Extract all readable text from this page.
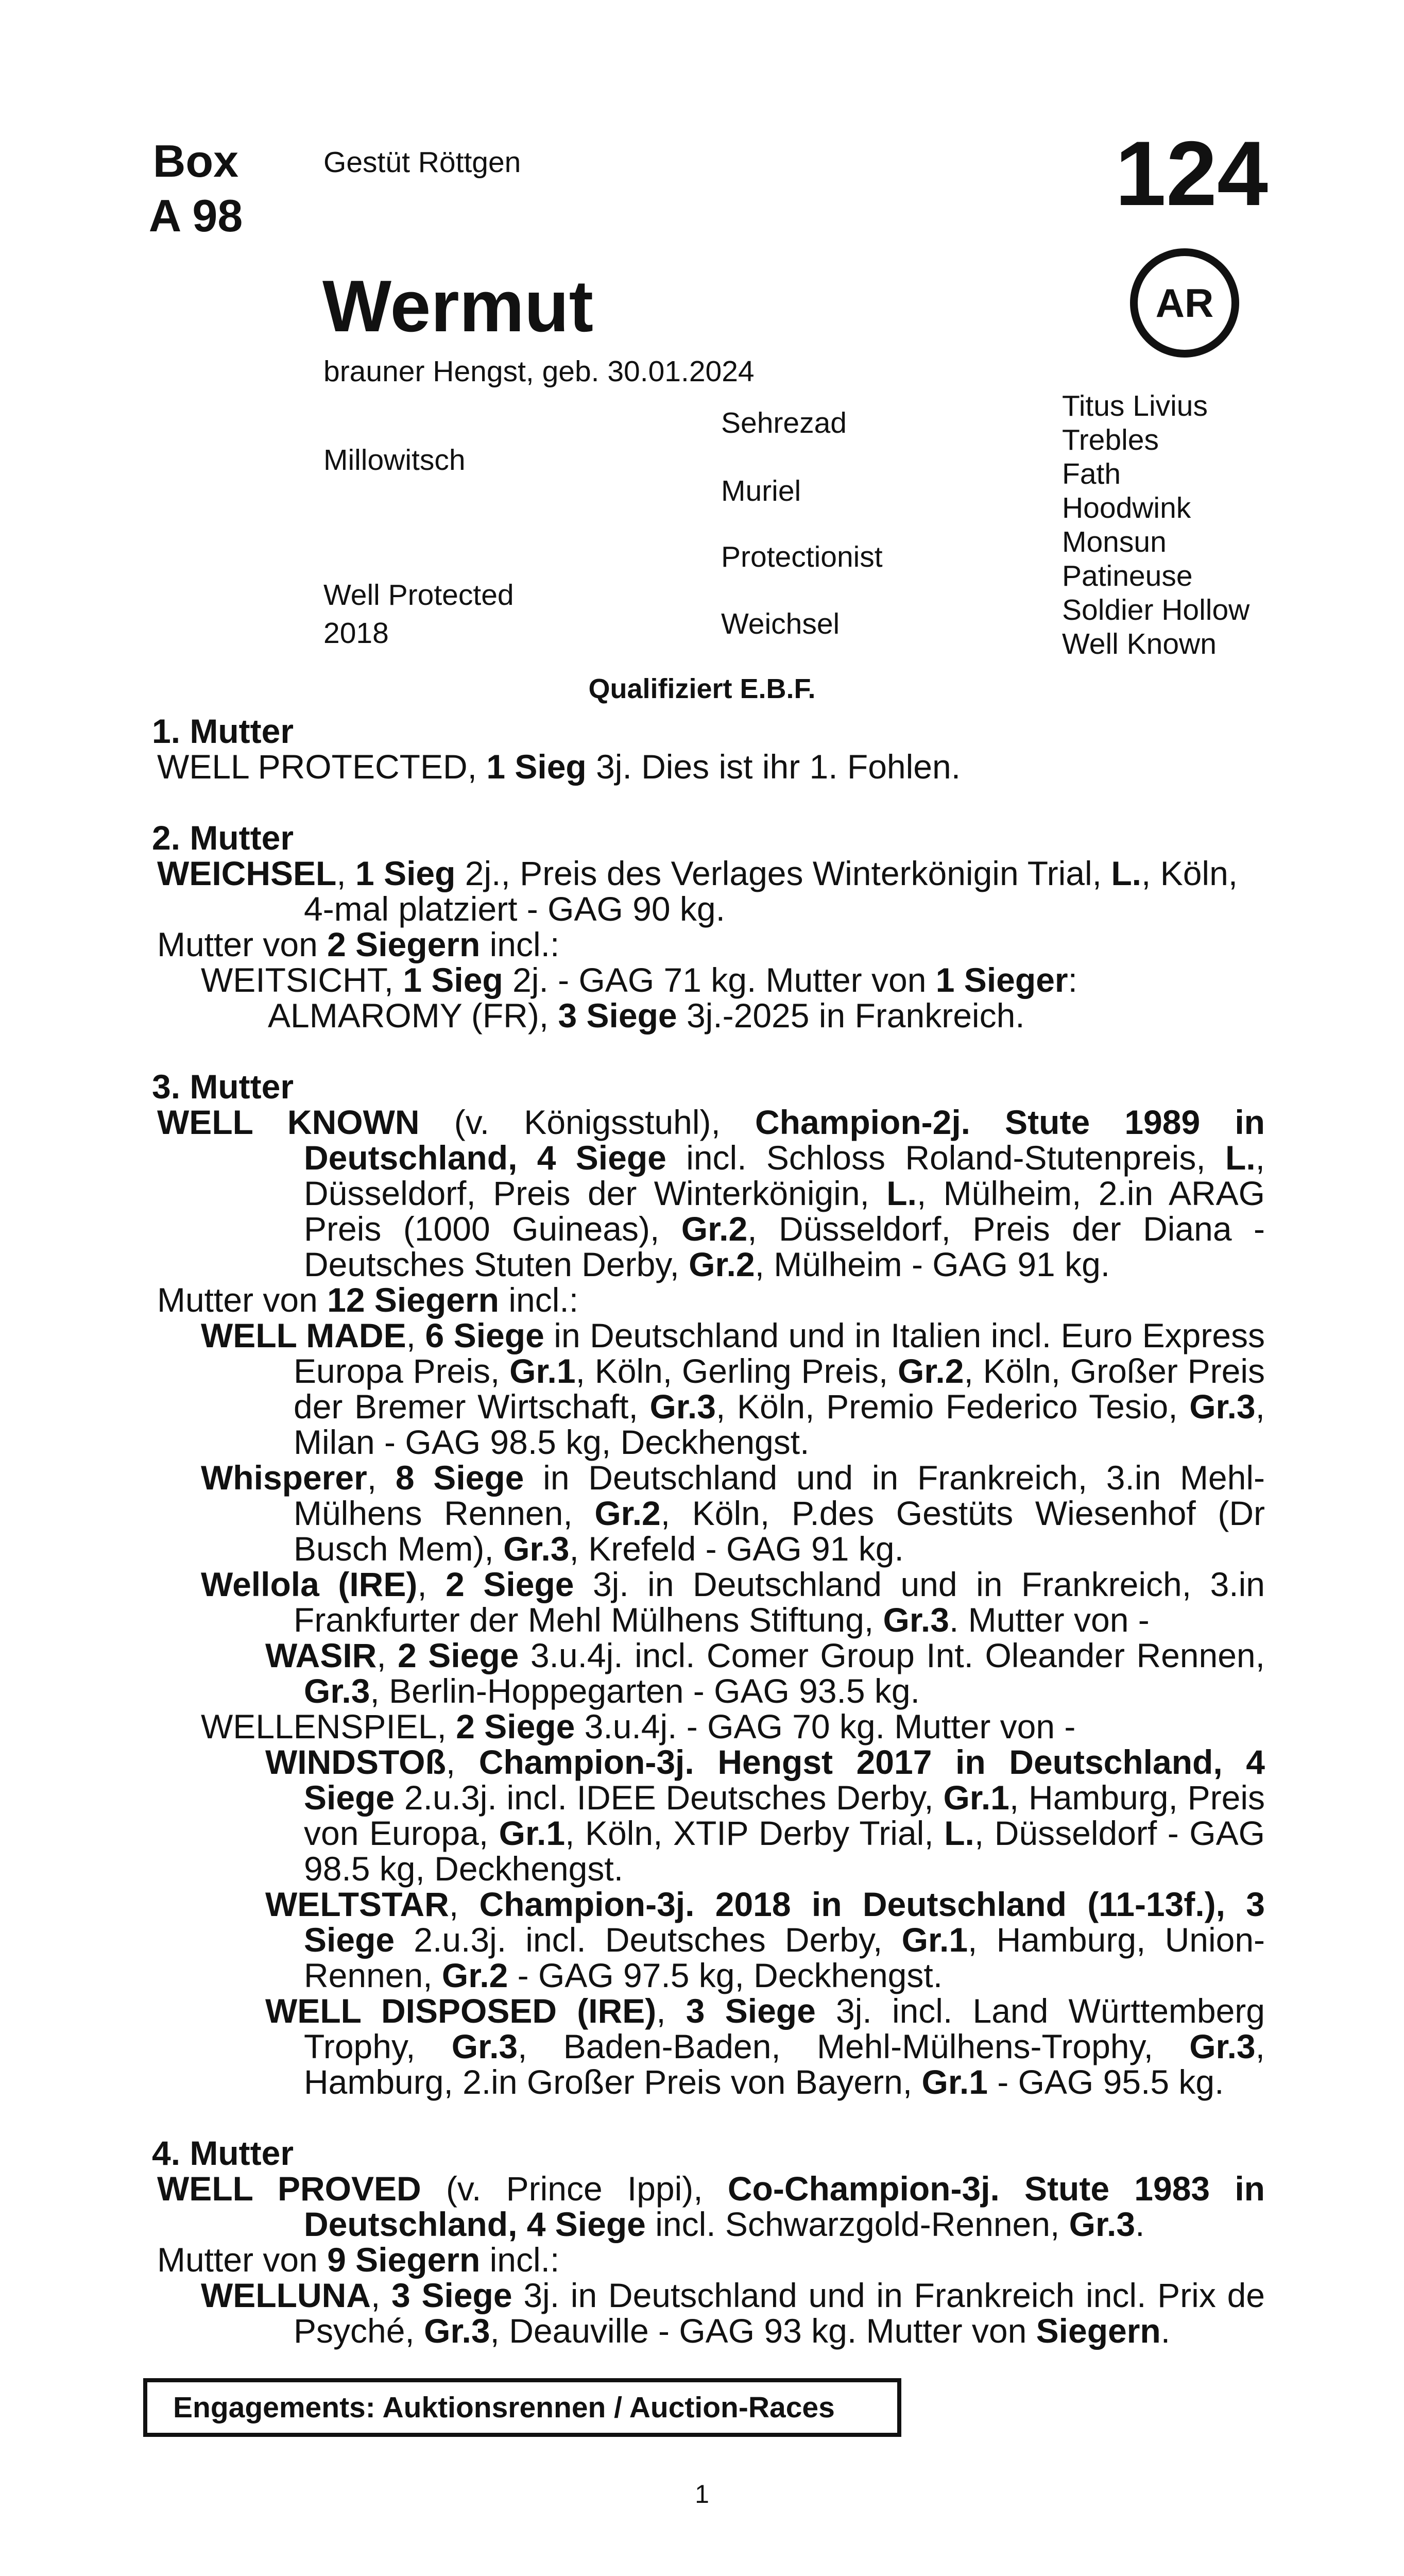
Box
A 98
Gestüt Röttgen	124
AR
Wermut
brauner Hengst, geb. 30.01.2024
Millowitsch
Well Protected
2018
Sehrezad
Muriel
Protectionist
Weichsel
Titus Livius
Trebles
Fath
Hoodwink
Monsun
Patineuse
Soldier Hollow
Well Known
Qualifiziert E.B.F.

1. Mutter

WELL PROTECTED, 1 Sieg 3j. Dies ist ihr 1. Fohlen.

2. Mutter

WEICHSEL, 1 Sieg 2j., Preis des Verlages Winterkönigin Trial, L., Köln, 4-mal platziert - GAG 90 kg.

Mutter von 2 Siegern incl.:

WEITSICHT, 1 Sieg 2j. - GAG 71 kg. Mutter von 1 Sieger:

ALMAROMY (FR), 3 Siege 3j.-2025 in Frankreich.

3. Mutter

WELL KNOWN (v. Königsstuhl), Champion-2j. Stute 1989 in Deutschland, 4 Siege incl. Schloss Roland-Stutenpreis, L., Düsseldorf, Preis der Winterkönigin, L., Mülheim, 2.in ARAG Preis (1000 Guineas), Gr.2, Düsseldorf, Preis der Diana - Deutsches Stuten Derby, Gr.2, Mülheim - GAG 91 kg.

Mutter von 12 Siegern incl.:

WELL MADE, 6 Siege in Deutschland und in Italien incl. Euro Express Europa Preis, Gr.1, Köln, Gerling Preis, Gr.2, Köln, Großer Preis der Bremer Wirtschaft, Gr.3, Köln, Premio Federico Tesio, Gr.3, Milan - GAG 98.5 kg, Deckhengst.

Whisperer, 8 Siege in Deutschland und in Frankreich, 3.in Mehl-Mülhens Rennen, Gr.2, Köln, P.des Gestüts Wiesenhof (Dr Busch Mem), Gr.3, Krefeld - GAG 91 kg.

Wellola (IRE), 2 Siege 3j. in Deutschland und in Frankreich, 3.in Frankfurter der Mehl Mülhens Stiftung, Gr.3. Mutter von -

WASIR, 2 Siege 3.u.4j. incl. Comer Group Int. Oleander Rennen, Gr.3, Berlin-Hoppegarten - GAG 93.5 kg.

WELLENSPIEL, 2 Siege 3.u.4j. - GAG 70 kg. Mutter von -

WINDSTOß, Champion-3j. Hengst 2017 in Deutschland, 4 Siege 2.u.3j. incl. IDEE Deutsches Derby, Gr.1, Hamburg, Preis von Europa, Gr.1, Köln, XTIP Derby Trial, L., Düsseldorf - GAG 98.5 kg, Deckhengst.

WELTSTAR, Champion-3j. 2018 in Deutschland (11-13f.), 3 Siege 2.u.3j. incl. Deutsches Derby, Gr.1, Hamburg, Union-Rennen, Gr.2 - GAG 97.5 kg, Deckhengst.

WELL DISPOSED (IRE), 3 Siege 3j. incl. Land Württemberg Trophy, Gr.3, Baden-Baden, Mehl-Mülhens-Trophy, Gr.3, Hamburg, 2.in Großer Preis von Bayern, Gr.1 - GAG 95.5 kg.

4. Mutter

WELL PROVED (v. Prince Ippi), Co-Champion-3j. Stute 1983 in Deutschland, 4 Siege incl. Schwarzgold-Rennen, Gr.3.

Mutter von 9 Siegern incl.:

WELLUNA, 3 Siege 3j. in Deutschland und in Frankreich incl. Prix de Psyché, Gr.3, Deauville - GAG 93 kg. Mutter von Siegern.

Engagements: Auktionsrennen / Auction-Races
1
